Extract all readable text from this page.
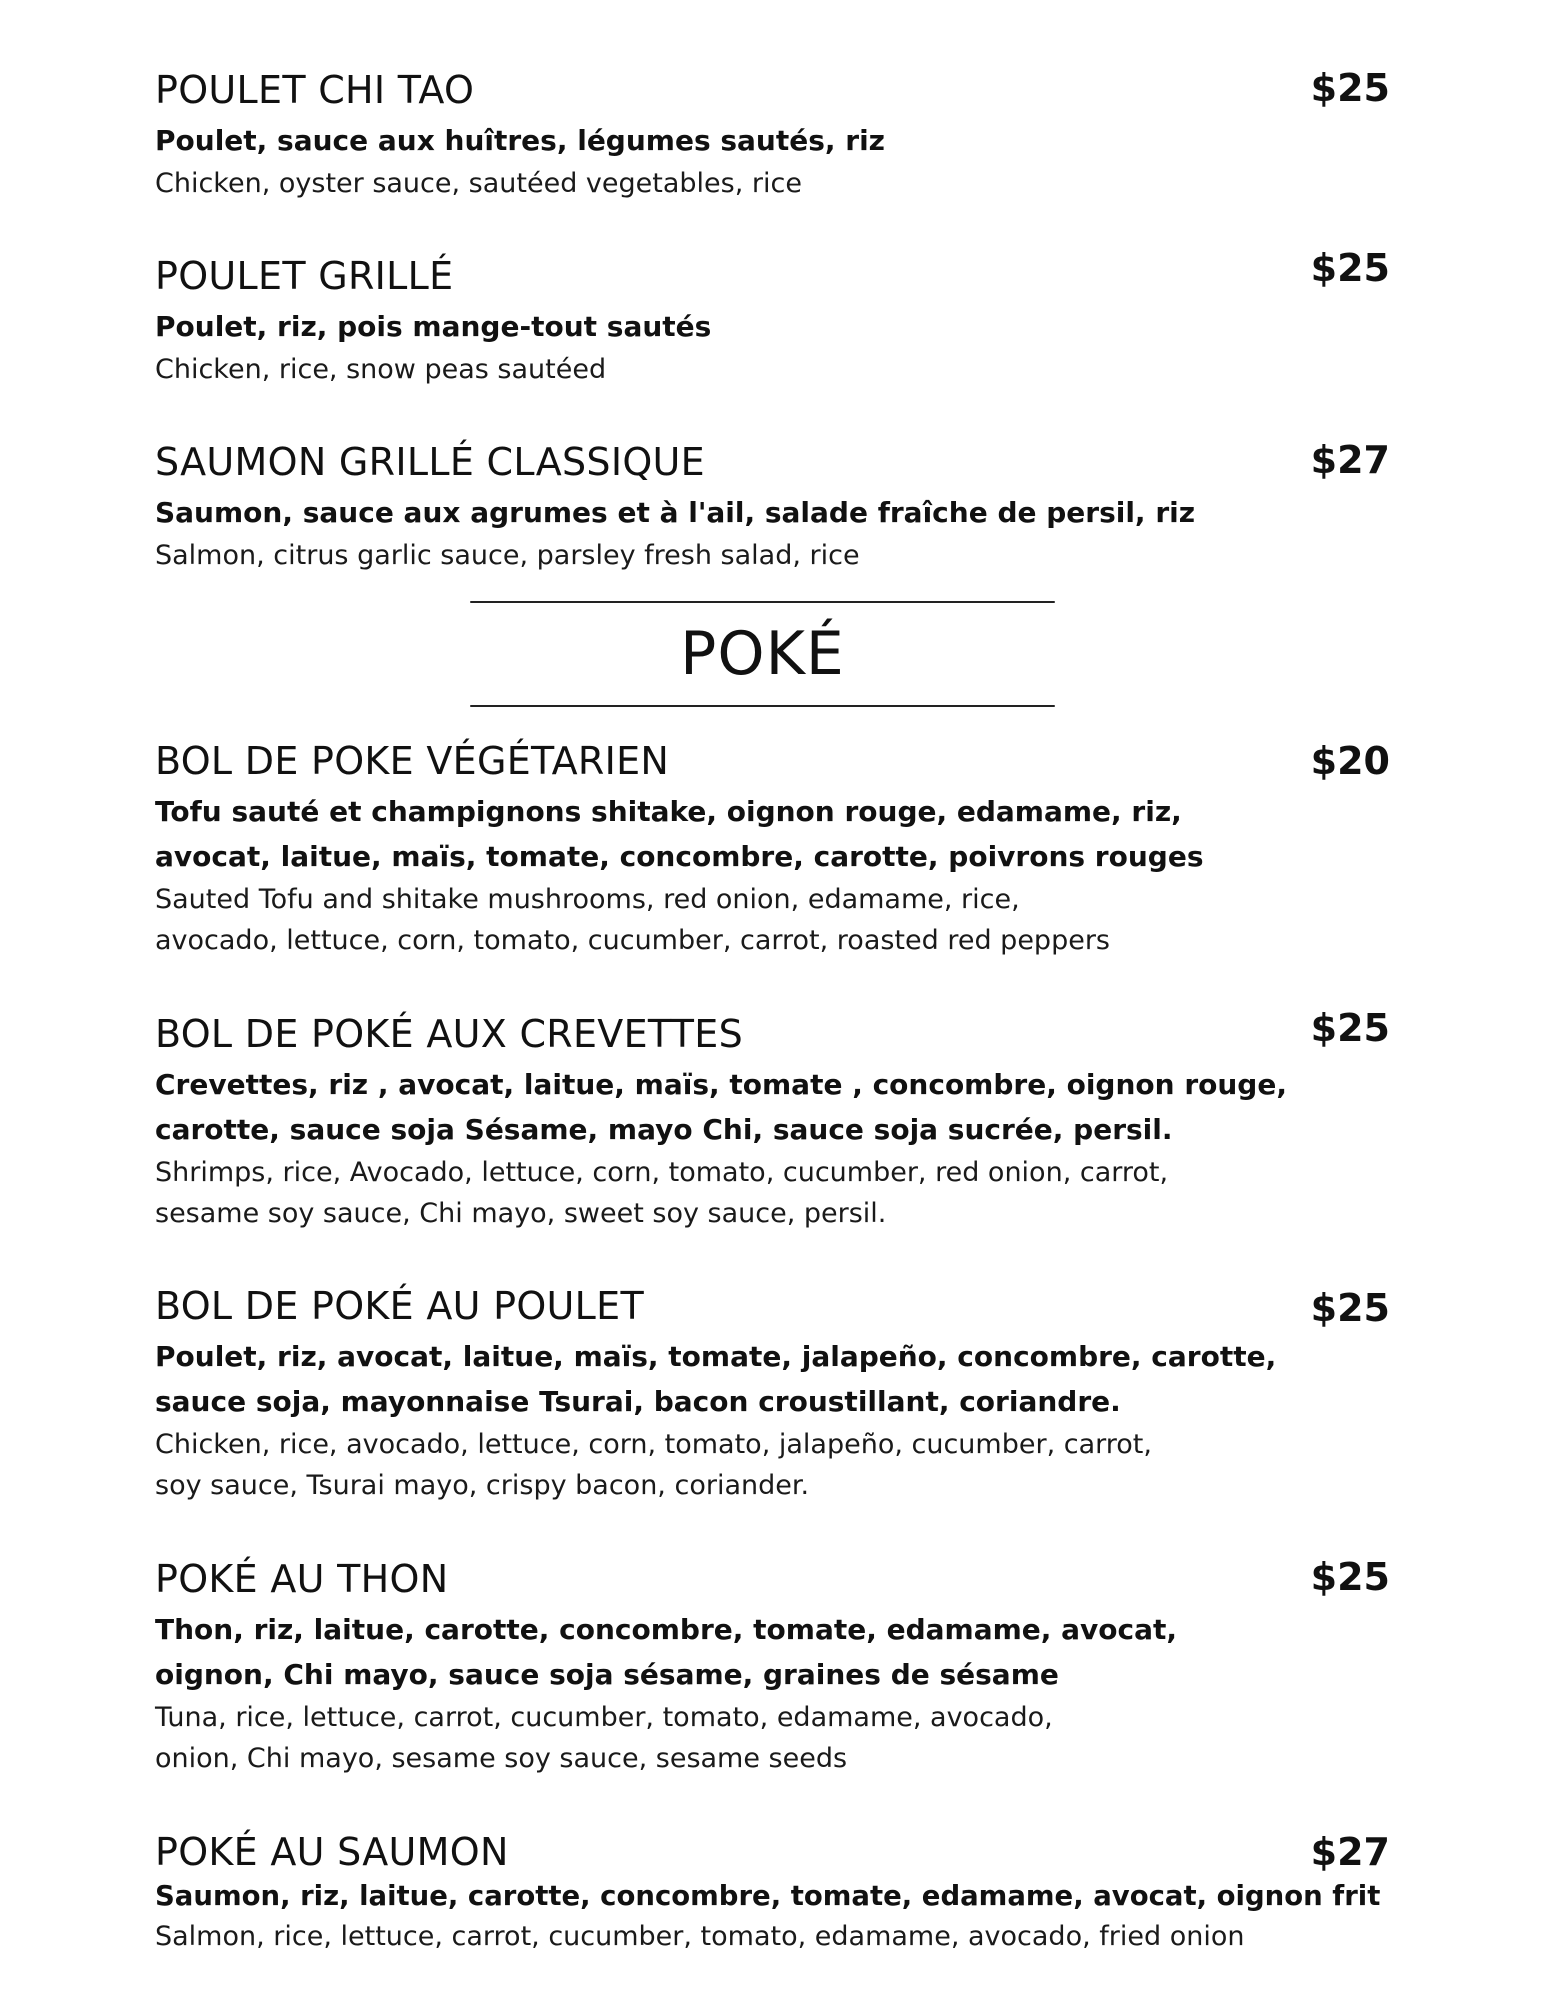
POULET CHI TAO	$25
Poulet, sauce aux huîtres, légumes sautés, riz
Chicken, oyster sauce, sautéed vegetables, rice
POULET GRILLÉ	$25
Poulet, riz, pois mange-tout sautés
Chicken, rice, snow peas sautéed
SAUMON GRILLÉ CLASSIQUE	$27
Saumon, sauce aux agrumes et à l'ail, salade fraîche de persil, riz
Salmon, citrus garlic sauce, parsley fresh salad, rice
POKÉ
BOL DE POKE VÉGÉTARIEN	$20
Tofu sauté et champignons shitake, oignon rouge, edamame, riz,
avocat, laitue, maïs, tomate, concombre, carotte, poivrons rouges
Sauted Tofu and shitake mushrooms, red onion, edamame, rice,
avocado, lettuce, corn, tomato, cucumber, carrot, roasted red peppers
BOL DE POKÉ AUX CREVETTES	$25
Crevettes, riz , avocat, laitue, maïs, tomate , concombre, oignon rouge,
carotte, sauce soja Sésame, mayo Chi, sauce soja sucrée, persil.
Shrimps, rice, Avocado, lettuce, corn, tomato, cucumber, red onion, carrot,
sesame soy sauce, Chi mayo, sweet soy sauce, persil.
BOL DE POKÉ AU POULET	$25
Poulet, riz, avocat, laitue, maïs, tomate, jalapeño, concombre, carotte,
sauce soja, mayonnaise Tsurai, bacon croustillant, coriandre.
Chicken, rice, avocado, lettuce, corn, tomato, jalapeño, cucumber, carrot,
soy sauce, Tsurai mayo, crispy bacon, coriander.
POKÉ AU THON	$25
Thon, riz, laitue, carotte, concombre, tomate, edamame, avocat,
oignon, Chi mayo, sauce soja sésame, graines de sésame
Tuna, rice, lettuce, carrot, cucumber, tomato, edamame, avocado,
onion, Chi mayo, sesame soy sauce, sesame seeds
POKÉ AU SAUMON	$27
Saumon, riz, laitue, carotte, concombre, tomate, edamame, avocat, oignon frit
Salmon, rice, lettuce, carrot, cucumber, tomato, edamame, avocado, fried onion
